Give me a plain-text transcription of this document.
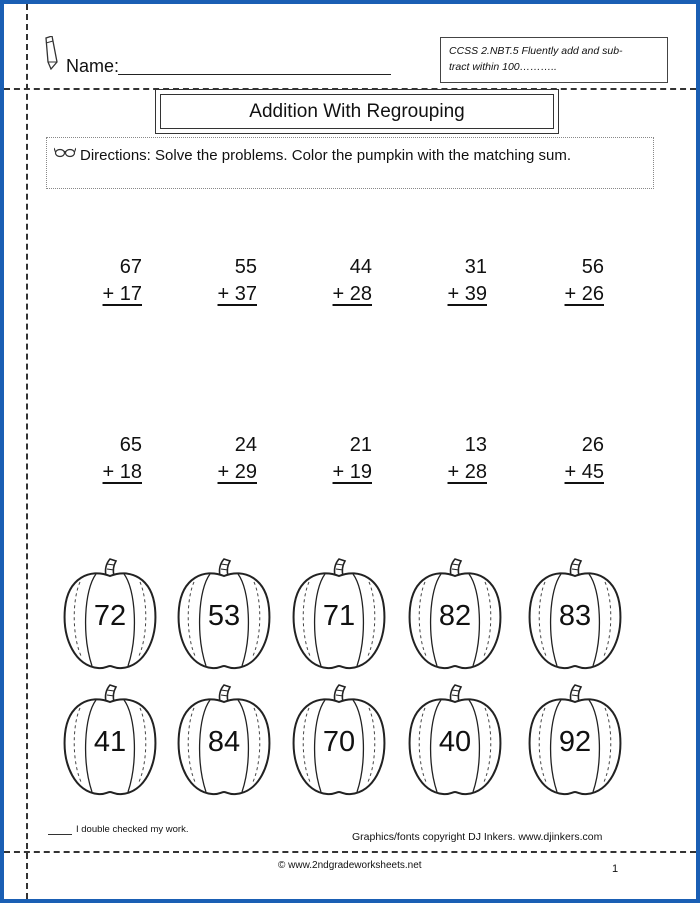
Name:
CCSS 2.NBT.5 Fluently add and sub-
tract within 100………..
Addition With Regrouping
Directions: Solve the problems. Color the pumpkin with the matching sum.
67
+ 17
55
+ 37
44
+ 28
31
+ 39
56
+ 26
65
+ 18
24
+ 29
21
+ 19
13
+ 28
26
+ 45
72	53	71	82	83
41	84	70	40	92
I double checked my work.
Graphics/fonts copyright DJ Inkers. www.djinkers.com
© www.2ndgradeworksheets.net	1
